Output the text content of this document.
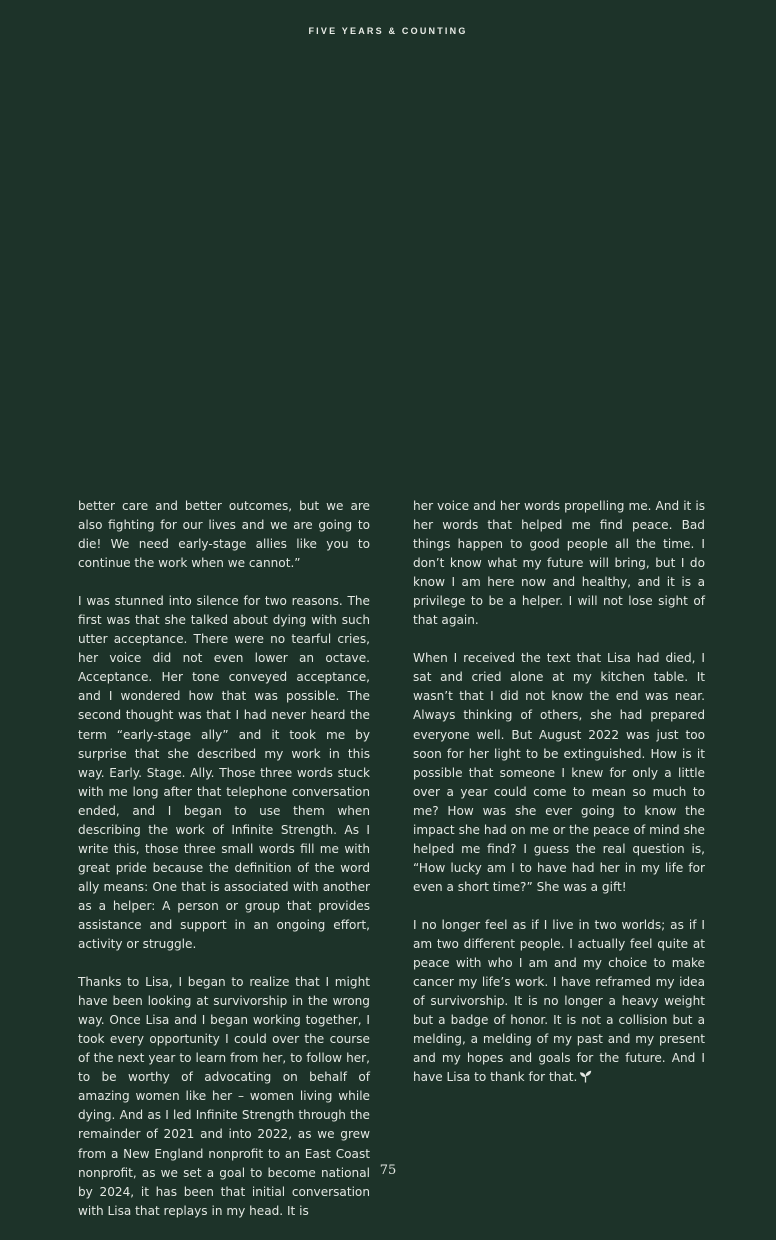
FIVE YEARS & COUNTING

better care and better outcomes, but we are also fighting for our lives and we are going to die! We need early-stage allies like you to continue the work when we cannot.”

I was stunned into silence for two reasons. The first was that she talked about dying with such utter acceptance. There were no tearful cries, her voice did not even lower an octave. Acceptance. Her tone conveyed acceptance, and I wondered how that was possible. The second thought was that I had never heard the term “early-stage ally” and it took me by surprise that she described my work in this way. Early. Stage. Ally. Those three words stuck with me long after that telephone conversation ended, and I began to use them when describing the work of Infinite Strength. As I write this, those three small words fill me with great pride because the definition of the word ally means: One that is associated with another as a helper: A person or group that provides assistance and support in an ongoing effort, activity or struggle.

Thanks to Lisa, I began to realize that I might have been looking at survivorship in the wrong way. Once Lisa and I began working together, I took every opportunity I could over the course of the next year to learn from her, to follow her, to be worthy of advocating on behalf of amazing women like her – women living while dying. And as I led Infinite Strength through the remainder of 2021 and into 2022, as we grew from a New England nonprofit to an East Coast nonprofit, as we set a goal to become national by 2024, it has been that initial conversation with Lisa that replays in my head. It is

her voice and her words propelling me. And it is her words that helped me find peace. Bad things happen to good people all the time. I don’t know what my future will bring, but I do know I am here now and healthy, and it is a privilege to be a helper. I will not lose sight of that again.

When I received the text that Lisa had died, I sat and cried alone at my kitchen table. It wasn’t that I did not know the end was near. Always thinking of others, she had prepared everyone well. But August 2022 was just too soon for her light to be extinguished. How is it possible that someone I knew for only a little over a year could come to mean so much to me? How was she ever going to know the impact she had on me or the peace of mind she helped me find? I guess the real question is, “How lucky am I to have had her in my life for even a short time?” She was a gift!

I no longer feel as if I live in two worlds; as if I am two different people. I actually feel quite at peace with who I am and my choice to make cancer my life’s work. I have reframed my idea of survivorship. It is no longer a heavy weight but a badge of honor. It is not a collision but a melding, a melding of my past and my present and my hopes and goals for the future. And I have Lisa to thank for that.

75
